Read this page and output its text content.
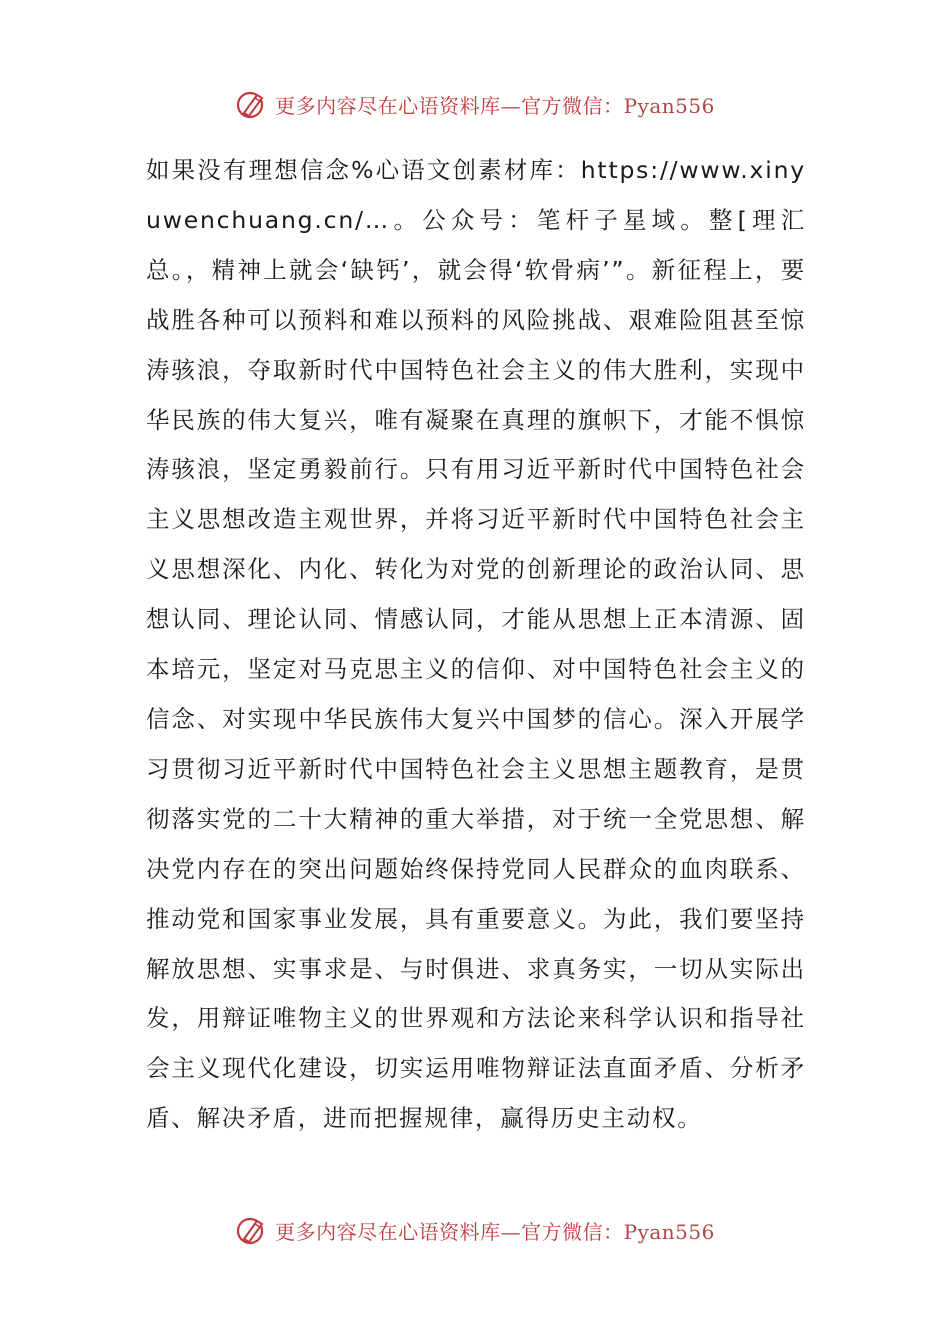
更多内容尽在心语资料库—官方微信：Pyan556

如果没有理想信念%心语文创素材库：https://www.xinyuwenchuang.cn/…。公众号：笔杆子星域。整[理汇总。，精神上就会‘缺钙’，就会得‘软骨病’”。新征程上，要战胜各种可以预料和难以预料的风险挑战、艰难险阻甚至惊涛骇浪，夺取新时代中国特色社会主义的伟大胜利，实现中华民族的伟大复兴，唯有凝聚在真理的旗帜下，才能不惧惊涛骇浪，坚定勇毅前行。只有用习近平新时代中国特色社会主义思想改造主观世界，并将习近平新时代中国特色社会主义思想深化、内化、转化为对党的创新理论的政治认同、思想认同、理论认同、情感认同，才能从思想上正本清源、固本培元，坚定对马克思主义的信仰、对中国特色社会主义的信念、对实现中华民族伟大复兴中国梦的信心。深入开展学习贯彻习近平新时代中国特色社会主义思想主题教育，是贯彻落实党的二十大精神的重大举措，对于统一全党思想、解决党内存在的突出问题始终保持党同人民群众的血肉联系、推动党和国家事业发展，具有重要意义。为此，我们要坚持解放思想、实事求是、与时俱进、求真务实，一切从实际出发，用辩证唯物主义的世界观和方法论来科学认识和指导社会主义现代化建设，切实运用唯物辩证法直面矛盾、分析矛盾、解决矛盾，进而把握规律，赢得历史主动权。

更多内容尽在心语资料库—官方微信：Pyan556
